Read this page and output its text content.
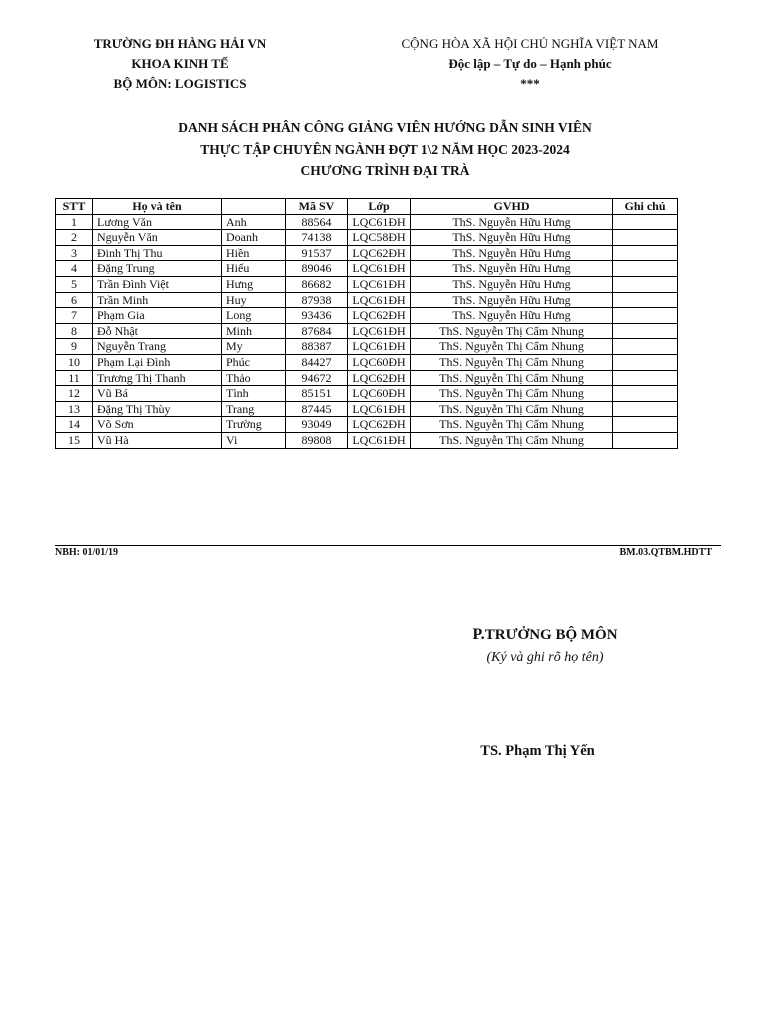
TRƯỜNG ĐH HÀNG HẢI VN
KHOA KINH TẾ
BỘ MÔN: LOGISTICS
CỘNG HÒA XÃ HỘI CHỦ NGHĨA VIỆT NAM
Độc lập – Tự do – Hạnh phúc
***
DANH SÁCH PHÂN CÔNG GIẢNG VIÊN HƯỚNG DẪN SINH VIÊN
THỰC TẬP CHUYÊN NGÀNH ĐỢT 1\2 NĂM HỌC 2023-2024
CHƯƠNG TRÌNH ĐẠI TRÀ
STT	Họ và tên		Mã SV	Lớp	GVHD	Ghi chú
1	Lương Văn	Anh	88564	LQC61ĐH	ThS. Nguyễn Hữu Hưng	
2	Nguyễn Văn	Doanh	74138	LQC58ĐH	ThS. Nguyễn Hữu Hưng	
3	Đinh Thị Thu	Hiền	91537	LQC62ĐH	ThS. Nguyễn Hữu Hưng	
4	Đặng Trung	Hiếu	89046	LQC61ĐH	ThS. Nguyễn Hữu Hưng	
5	Trần Đình Việt	Hưng	86682	LQC61ĐH	ThS. Nguyễn Hữu Hưng	
6	Trần Minh	Huy	87938	LQC61ĐH	ThS. Nguyễn Hữu Hưng	
7	Phạm Gia	Long	93436	LQC62ĐH	ThS. Nguyễn Hữu Hưng	
8	Đỗ Nhật	Minh	87684	LQC61ĐH	ThS. Nguyễn Thị Cẩm Nhung	
9	Nguyễn Trang	My	88387	LQC61ĐH	ThS. Nguyễn Thị Cẩm Nhung	
10	Phạm Lại Đình	Phúc	84427	LQC60ĐH	ThS. Nguyễn Thị Cẩm Nhung	
11	Trương Thị Thanh	Thảo	94672	LQC62ĐH	ThS. Nguyễn Thị Cẩm Nhung	
12	Vũ Bá	Tình	85151	LQC60ĐH	ThS. Nguyễn Thị Cẩm Nhung	
13	Đặng Thị Thùy	Trang	87445	LQC61ĐH	ThS. Nguyễn Thị Cẩm Nhung	
14	Võ Sơn	Trường	93049	LQC62ĐH	ThS. Nguyễn Thị Cẩm Nhung	
15	Vũ Hà	Vi	89808	LQC61ĐH	ThS. Nguyễn Thị Cẩm Nhung	
NBH: 01/01/19	BM.03.QTBM.HDTT
P.TRƯỞNG BỘ MÔN
(Ký và ghi rõ họ tên)
TS. Phạm Thị Yến
